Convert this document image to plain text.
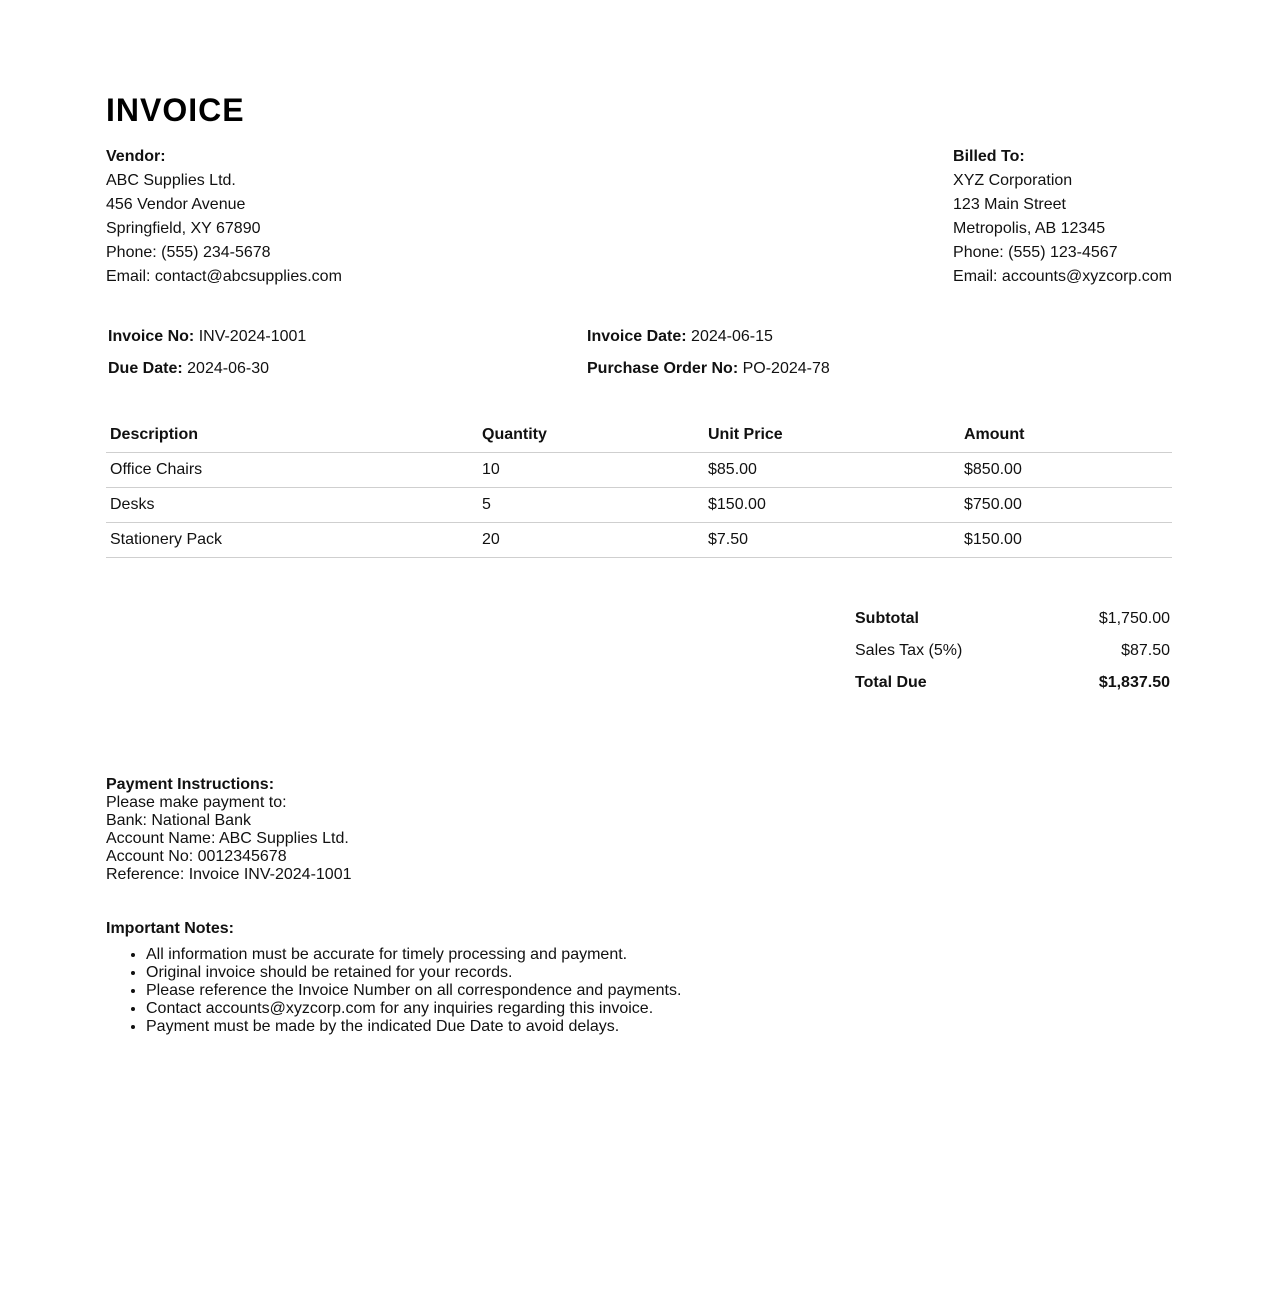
INVOICE
Vendor:
ABC Supplies Ltd.
456 Vendor Avenue
Springfield, XY 67890
Phone: (555) 234-5678
Email: contact@abcsupplies.com
Billed To:
XYZ Corporation
123 Main Street
Metropolis, AB 12345
Phone: (555) 123-4567
Email: accounts@xyzcorp.com
Invoice No: INV-2024-1001	Invoice Date: 2024-06-15
Due Date: 2024-06-30	Purchase Order No: PO-2024-78
Description	Quantity	Unit Price	Amount
Office Chairs	10	$85.00	$850.00
Desks	5	$150.00	$750.00
Stationery Pack	20	$7.50	$150.00
Subtotal	$1,750.00
Sales Tax (5%)	$87.50
Total Due	$1,837.50
Payment Instructions:
Please make payment to:
Bank: National Bank
Account Name: ABC Supplies Ltd.
Account No: 0012345678
Reference: Invoice INV-2024-1001
Important Notes:
• All information must be accurate for timely processing and payment.
• Original invoice should be retained for your records.
• Please reference the Invoice Number on all correspondence and payments.
• Contact accounts@xyzcorp.com for any inquiries regarding this invoice.
• Payment must be made by the indicated Due Date to avoid delays.
